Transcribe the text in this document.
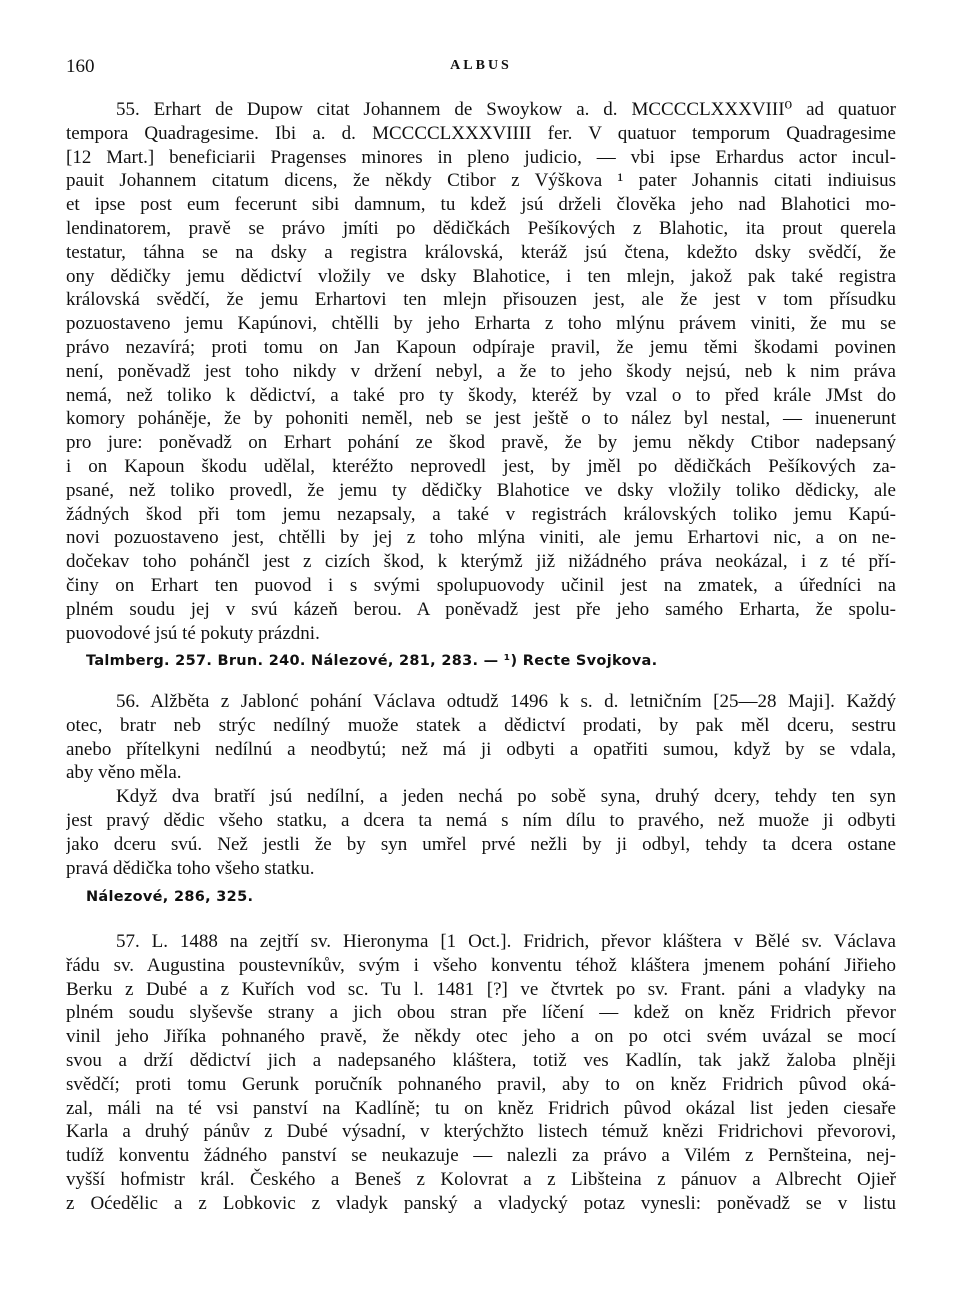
160	ALBUS
55. Erhart de Dupow citat Johannem de Swoykow a. d. MCCCCLXXXVIII⁰ ad quatuor
tempora Quadragesime. Ibi a. d. MCCCCLXXXVIIII fer. V quatuor temporum Quadragesime
[12 Mart.] beneficiarii Pragenses minores in pleno judicio, — vbi ipse Erhardus actor incul-
pauit Johannem citatum dicens, že někdy Ctibor z Výškova ¹ pater Johannis citati indiuisus
et ipse post eum fecerunt sibi damnum, tu kdež jsú drželi člověka jeho nad Blahotici mo-
lendinatorem, pravě se právo jmíti po dědičkách Pešíkových z Blahotic, ita prout querela
testatur, táhna se na dsky a registra královská, kteráž jsú čtena, kdežto dsky svědčí, že
ony dědičky jemu dědictví vložily ve dsky Blahotice, i ten mlejn, jakož pak také registra
královská svědčí, že jemu Erhartovi ten mlejn přisouzen jest, ale že jest v tom přísudku
pozuostaveno jemu Kapúnovi, chtělli by jeho Erharta z toho mlýnu právem viniti, že mu se
právo nezavírá; proti tomu on Jan Kapoun odpíraje pravil, že jemu těmi škodami povinen
není, poněvadž jest toho nikdy v držení nebyl, a že to jeho škody nejsú, neb k nim práva
nemá, než toliko k dědictví, a také pro ty škody, kteréž by vzal o to před krále JMst do
komory poháněje, že by pohoniti neměl, neb se jest ještě o to nález byl nestal, — inuenerunt
pro jure: poněvadž on Erhart pohání ze škod pravě, že by jemu někdy Ctibor nadepsaný
i on Kapoun škodu udělal, kteréžto neprovedl jest, by jměl po dědičkách Pešíkových za-
psané, než toliko provedl, že jemu ty dědičky Blahotice ve dsky vložily toliko dědicky, ale
žádných škod při tom jemu nezapsaly, a také v registrách královských toliko jemu Kapú-
novi pozuostaveno jest, chtělli by jej z toho mlýna viniti, ale jemu Erhartovi nic, a on ne-
dočekav toho pohánčl jest z cizích škod, k kterýmž již nižádného práva neokázal, i z té pří-
činy on Erhart ten puovod i s svými spolupuovody učinil jest na zmatek, a úředníci na
plném soudu jej v svú kázeň berou. A poněvadž jest pře jeho samého Erharta, že spolu-
puovodové jsú té pokuty prázdni.
Talmberg. 257. Brun. 240. Nálezové, 281, 283. — ¹) Recte Svojkova.
56. Alžběta z Jablonć pohání Václava odtudž 1496 k s. d. letničním [25—28 Maji]. Každý
otec, bratr neb strýc nedílný muože statek a dědictví prodati, by pak měl dceru, sestru
anebo přítelkyni nedílnú a neodbytú; než má ji odbyti a opatřiti sumou, když by se vdala,
aby věno měla.
Když dva bratří jsú nedílní, a jeden nechá po sobě syna, druhý dcery, tehdy ten syn
jest pravý dědic všeho statku, a dcera ta nemá s ním dílu to pravého, než muože ji odbyti
jako dceru svú. Než jestli že by syn umřel prvé nežli by ji odbyl, tehdy ta dcera ostane
pravá dědička toho všeho statku.
Nálezové, 286, 325.
57. L. 1488 na zejtří sv. Hieronyma [1 Oct.]. Fridrich, převor kláštera v Bělé sv. Václava
řádu sv. Augustina poustevníkův, svým i všeho konventu téhož kláštera jmenem pohání Jiřieho
Berku z Dubé a z Kuřích vod sc. Tu l. 1481 [?] ve čtvrtek po sv. Frant. páni a vladyky na
plném soudu slyševše strany a jich obou stran pře líčení — kdež on kněz Fridrich převor
vinil jeho Jiříka pohnaného pravě, že někdy otec jeho a on po otci svém uvázal se mocí
svou a drží dědictví jich a nadepsaného kláštera, totiž ves Kadlín, tak jakž žaloba plněji
svědčí; proti tomu Gerunk poručník pohnaného pravil, aby to on kněz Fridrich pûvod oká-
zal, máli na té vsi panství na Kadlíně; tu on kněz Fridrich pûvod okázal list jeden ciesaře
Karla a druhý pánův z Dubé výsadní, v kterýchžto listech témuž knězi Fridrichovi převorovi,
tudíž konventu žádného panství se neukazuje — nalezli za právo a Vilém z Pernšteina, nej-
vyšší hofmistr král. Českého a Beneš z Kolovrat a z Libšteina z pánuov a Albrecht Ojieř
z Oćedělic a z Lobkovic z vladyk panský a vladycký potaz vynesli: poněvadž se v listu
